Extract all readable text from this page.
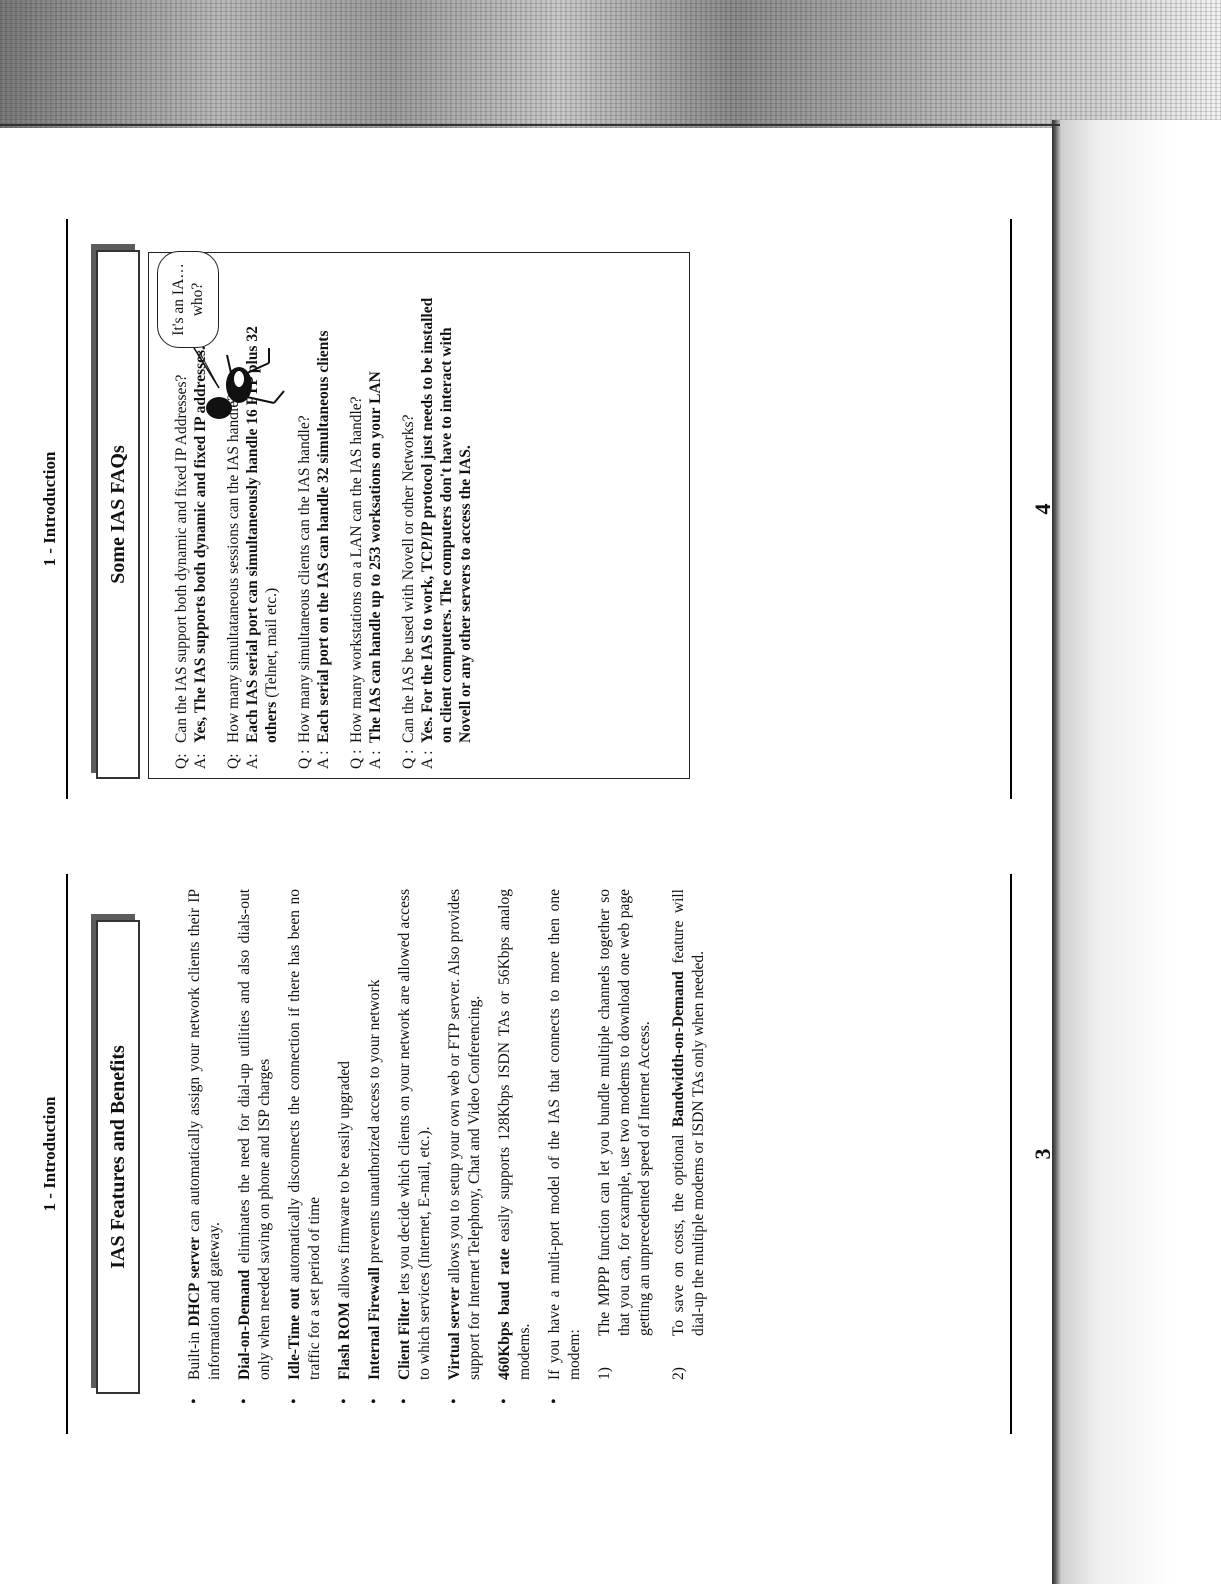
1 - Introduction	IAS Features and Benefits
• Built-in DHCP server can automatically assign your network clients their IP information and gateway. • Dial-on-Demand eliminates the need for dial-up utilities and also dials-out only when needed saving on phone and ISP charges • Idle-Time out automatically disconnects the connection if there has been no traffic for a set period of time • Flash ROM allows firmware to be easily upgraded
• Internal Firewall prevents unauthorized access to your network
• Client Filter lets you decide which clients on your network are allowed access to which services (Internet, E-mail, etc.). • Virtual server allows you to setup your own web or FTP server. Also provides support for Internet Telephony, Chat and Video Conferencing. • 460Kbps baud rate easily supports 128Kbps ISDN TAs or 56Kbps analog modems. • If you have a multi-port model of the IAS that connects to more then one modem: 1)
The MPPP function can let you bundle multiple channels together so that you can, for example, use two modems to download one web page getting an unprecedented speed of Internet Access.
2)
To save on costs, the optional Bandwidth-on-Demand feature will dial-up the multiple modems or ISDN TAs only when needed.	3
1 - Introduction	Some IAS FAQs
It's an IA… who?
Q:
Can the IAS support both dynamic and fixed IP Addresses?
A:
Yes, The IAS supports both dynamic and fixed IP addresses.
Q:
How many simultataneous sessions can the IAS handle?
A:
Each IAS serial port can simultaneously handle 16 FTP plus 32 others (Telnet, mail etc.)
Q :
How many simultaneous clients can the IAS handle?
A :
Each serial port on the IAS can handle 32 simultaneous clients
Q :
How many workstations on a LAN can the IAS handle?
A :
The IAS can handle up to 253 worksations on your LAN
Q :
Can the IAS be used with Novell or other Networks?
A :
Yes. For the IAS to work, TCP/IP protocol just needs to be installed on client computers. The computers don't have to interact with Novell or any other servers to access the IAS.	4
